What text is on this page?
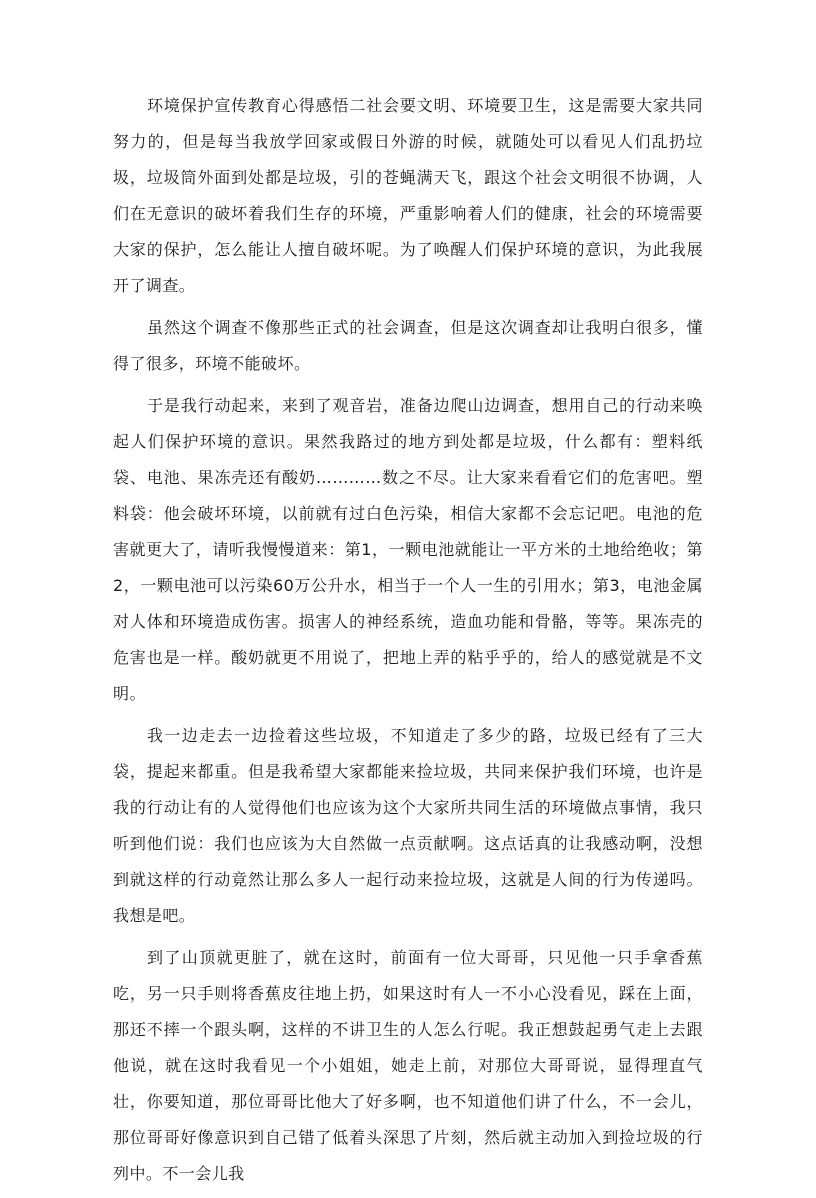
环境保护宣传教育心得感悟二社会要文明、环境要卫生，这是需要大家共同努力的，但是每当我放学回家或假日外游的时候，就随处可以看见人们乱扔垃圾，垃圾筒外面到处都是垃圾，引的苍蝇满天飞，跟这个社会文明很不协调，人们在无意识的破坏着我们生存的环境，严重影响着人们的健康，社会的环境需要大家的保护，怎么能让人擅自破坏呢。为了唤醒人们保护环境的意识，为此我展开了调查。

虽然这个调查不像那些正式的社会调查，但是这次调查却让我明白很多，懂得了很多，环境不能破坏。

于是我行动起来，来到了观音岩，准备边爬山边调查，想用自己的行动来唤起人们保护环境的意识。果然我路过的地方到处都是垃圾，什么都有：塑料纸袋、电池、果冻壳还有酸奶…………数之不尽。让大家来看看它们的危害吧。塑料袋：他会破坏环境，以前就有过白色污染，相信大家都不会忘记吧。电池的危害就更大了，请听我慢慢道来：第1，一颗电池就能让一平方米的土地给绝收；第2，一颗电池可以污染60万公升水，相当于一个人一生的引用水；第3，电池金属对人体和环境造成伤害。损害人的神经系统，造血功能和骨骼，等等。果冻壳的危害也是一样。酸奶就更不用说了，把地上弄的粘乎乎的，给人的感觉就是不文明。

我一边走去一边捡着这些垃圾，不知道走了多少的路，垃圾已经有了三大袋，提起来都重。但是我希望大家都能来捡垃圾，共同来保护我们环境，也许是我的行动让有的人觉得他们也应该为这个大家所共同生活的环境做点事情，我只听到他们说：我们也应该为大自然做一点贡献啊。这点话真的让我感动啊，没想到就这样的行动竟然让那么多人一起行动来捡垃圾，这就是人间的行为传递吗。我想是吧。

到了山顶就更脏了，就在这时，前面有一位大哥哥，只见他一只手拿香蕉吃，另一只手则将香蕉皮往地上扔，如果这时有人一不小心没看见，踩在上面，那还不摔一个跟头啊，这样的不讲卫生的人怎么行呢。我正想鼓起勇气走上去跟他说，就在这时我看见一个小姐姐，她走上前，对那位大哥哥说，显得理直气壮，你要知道，那位哥哥比他大了好多啊，也不知道他们讲了什么，不一会儿，那位哥哥好像意识到自己错了低着头深思了片刻，然后就主动加入到捡垃圾的行列中。不一会儿我
